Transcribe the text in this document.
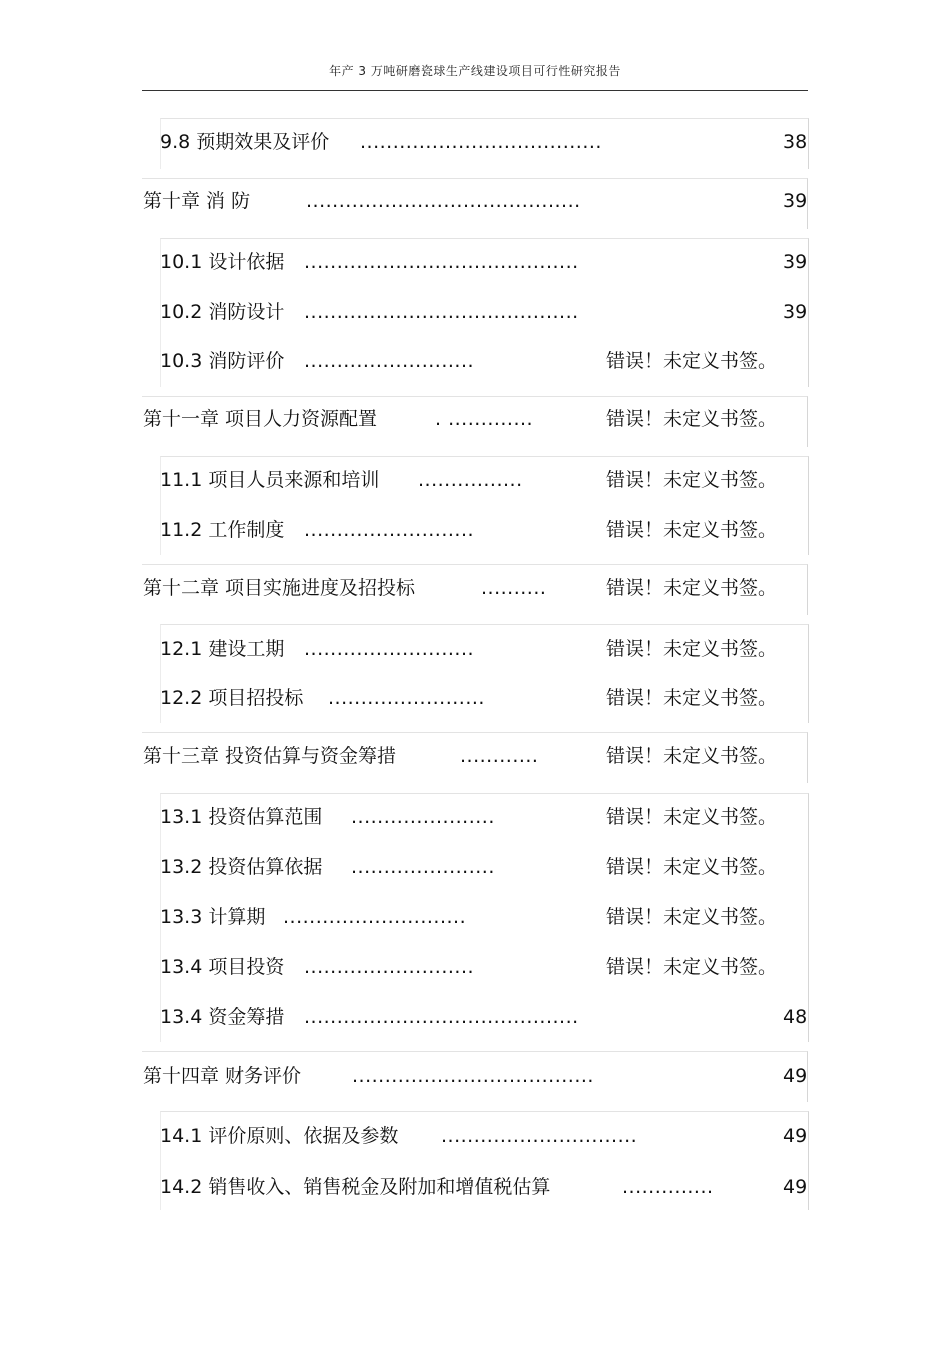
年产 3 万吨研磨瓷球生产线建设项目可行性研究报告
9.8 预期效果及评价 .....................................	38
第十章 消 防	..........................................	39
10.1 设计依据 ..........................................	39
10.2 消防设计 ..........................................	39
10.3 消防评价 ..........................	错误！未定义书签。
第十一章 项目人力资源配置	. .............	错误！未定义书签。
11.1 项目人员来源和培训 ................	错误！未定义书签。
11.2 工作制度 ..........................	错误！未定义书签。
第十二章 项目实施进度及招投标	..........	错误！未定义书签。
12.1 建设工期 ..........................	错误！未定义书签。
12.2 项目招投标 ........................	错误！未定义书签。
第十三章 投资估算与资金筹措	............	错误！未定义书签。
13.1 投资估算范围 ......................	错误！未定义书签。
13.2 投资估算依据 ......................	错误！未定义书签。
13.3 计算期 ............................	错误！未定义书签。
13.4 项目投资 ..........................	错误！未定义书签。
13.4 资金筹措 ..........................................	48
第十四章 财务评价	.....................................	49
14.1 评价原则、依据及参数 ..............................	49
14.2 销售收入、销售税金及附加和增值税估算	..............	49
